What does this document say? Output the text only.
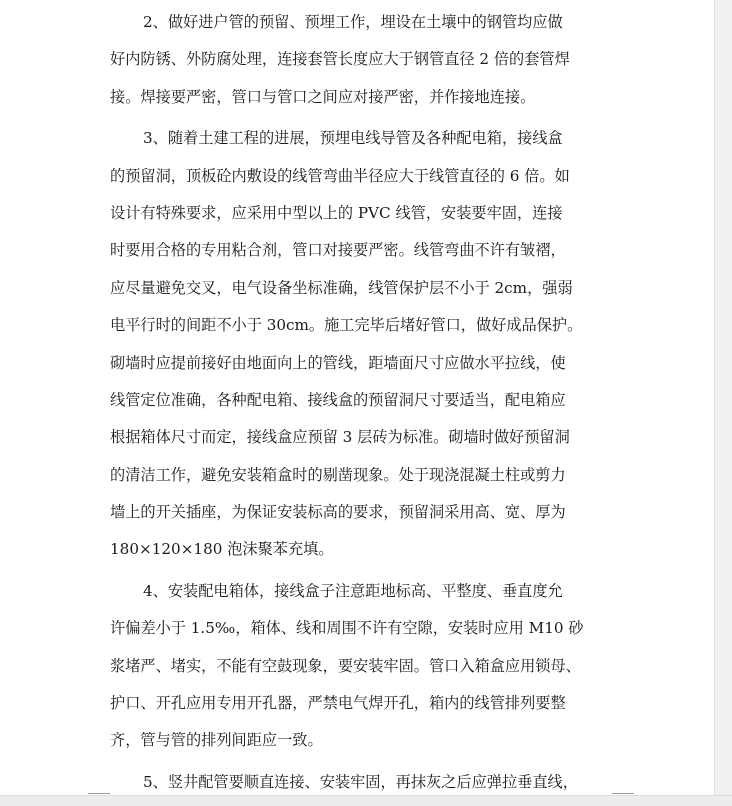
2、做好进户管的预留、预埋工作，埋设在土壤中的钢管均应做
好内防锈、外防腐处理，连接套管长度应大于钢管直径 2 倍的套管焊
接。焊接要严密，管口与管口之间应对接严密，并作接地连接。
3、随着土建工程的进展，预埋电线导管及各种配电箱，接线盒
的预留洞，顶板砼内敷设的线管弯曲半径应大于线管直径的 6 倍。如
设计有特殊要求，应采用中型以上的 PVC 线管，安装要牢固，连接
时要用合格的专用粘合剂，管口对接要严密。线管弯曲不许有皱褶，
应尽量避免交叉，电气设备坐标准确，线管保护层不小于 2cm，强弱
电平行时的间距不小于 30cm。施工完毕后堵好管口，做好成品保护。
砌墙时应提前接好由地面向上的管线，距墙面尺寸应做水平拉线，使
线管定位准确，各种配电箱、接线盒的预留洞尺寸要适当，配电箱应
根据箱体尺寸而定，接线盒应预留 3 层砖为标准。砌墙时做好预留洞
的清洁工作，避免安装箱盒时的剔凿现象。处于现浇混凝土柱或剪力
墙上的开关插座，为保证安装标高的要求，预留洞采用高、宽、厚为
180×120×180 泡沫聚苯充填。
4、安装配电箱体，接线盒子注意距地标高、平整度、垂直度允
许偏差小于 1.5‰，箱体、线和周围不许有空隙，安装时应用 M10 砂
浆堵严、堵实，不能有空鼓现象，要安装牢固。管口入箱盒应用锁母、
护口、开孔应用专用开孔器，严禁电气焊开孔，箱内的线管排列要整
齐，管与管的排列间距应一致。
5、竖井配管要顺直连接、安装牢固，再抹灰之后应弹拉垂直线，
